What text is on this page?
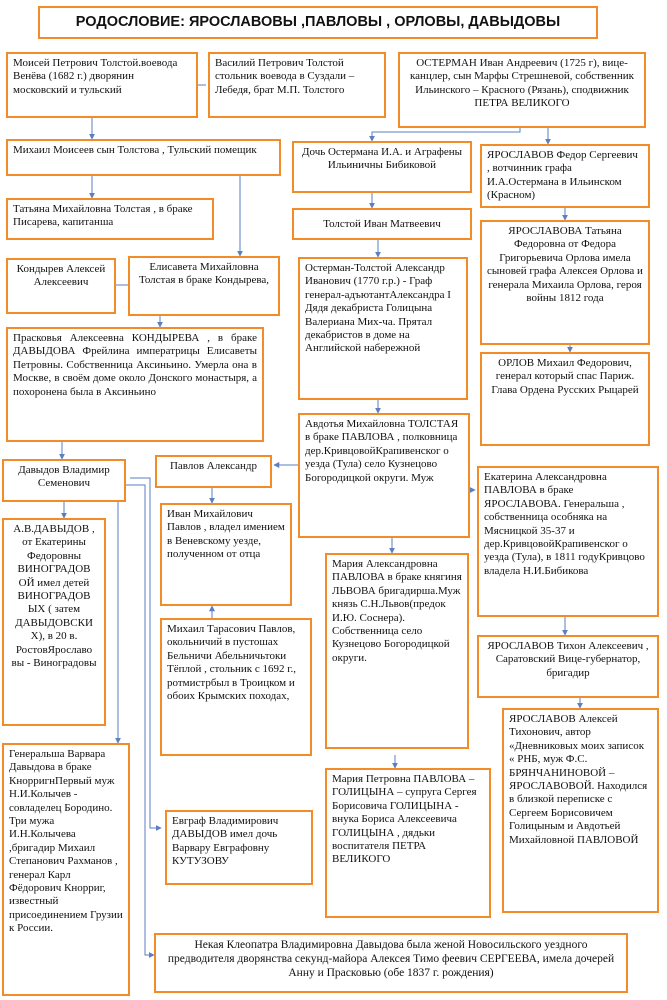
РОДОСЛОВИЕ: ЯРОСЛАВОВЫ ,ПАВЛОВЫ , ОРЛОВЫ, ДАВЫДОВЫ
Моисей Петрович Толстой.воевода Венёва (1682 г.) дворянин московский и тульский
Василий Петрович Толстой стольник воевода в Суздали – Лебедя, брат М.П. Толстого
ОСТЕРМАН Иван Андреевич (1725 г), вице-канцлер, сын Марфы Стрешневой, собственник Ильинского – Красного (Рязань), сподвижник ПЕТРА ВЕЛИКОГО
Михаил Моисеев сын Толстова , Тульский помещик	Дочь Остермана И.А. и Аграфены Ильиничны Бибиковой
ЯРОСЛАВОВ Федор Сергеевич , вотчинник графа И.А.Остермана в Ильинском (Красном)
Татьяна Михайловна Толстая , в браке Писарева, капитанша	Толстой Иван Матвеевич
ЯРОСЛАВОВА Татьяна Федоровна от Федора Григорьевича Орлова имела сыновей графа Алексея Орлова и генерала Михаила Орлова, героя войны 1812 года
Кондырев Алексей Алексеевич
Елисавета Михайловна Толстая в браке Кондырева,
Остерман-Толстой Александр Иванович (1770 г.р.) - Граф генерал-адъютантАлександра I Дядя декабриста Голицына Валериана Мих-ча. Прятал декабристов в доме на Английской набережной
Прасковья Алексеевна КОНДЫРЕВА , в браке ДАВЫДОВА Фрейлина императрицы Елисаветы Петровны. Собственница Аксиньино. Умерла она в Москве, в своём доме около Донского монастыря, а похоронена была в Аксиньино
ОРЛОВ Михаил Федорович, генерал который спас Париж. Глава Ордена Русских Рыцарей
Авдотья Михайловна ТОЛСТАЯ в браке ПАВЛОВА , полковница дер.КривцовойКрапивенског о уезда (Тула) село Кузнецово Богородицкой округи. Муж
Давыдов Владимир Семенович
Павлов Александр
Екатерина Александровна ПАВЛОВА в браке ЯРОСЛАВОВА. Генеральша , собственница особняка на Мясницкой 35-37 и дер.КривцовойКрапивенског о уезда (Тула), в 1811 годуКривцово владела Н.И.Бибикова
А.В.ДАВЫДОВ , от Екатерины Федоровны ВИНОГРАДОВ ОЙ имел детей ВИНОГРАДОВ ЫХ ( затем ДАВЫДОВСКИ Х), в 20 в. РостовЯрославо вы - Виноградовы
Иван Михайлович Павлов , владел имением в Веневскому уезде, полученном от отца
Мария Александровна ПАВЛОВА в браке княгиня ЛЬВОВА бригадирша.Муж князь С.Н.Львов(предок И.Ю. Соснера). Собственница село Кузнецово Богородицкой округи.
ЯРОСЛАВОВ Тихон Алексеевич , Саратовский Вице-губернатор, бригадир
Михаил Тарасович Павлов, окольничий в пустошах Бельничи Абельничьтоки Тёплой , стольник с 1692 г., ротмистрбыл в Троицком и обоих Крымских походах,
ЯРОСЛАВОВ Алексей Тихонович, автор «Дневниковых моих записок « РНБ, муж Ф.С. БРЯНЧАНИНОВОЙ – ЯРОСЛАВОВОЙ. Находился в близкой переписке с Сергеем Борисовичем Голицыным и Авдотьей Михайловной ПАВЛОВОЙ
Генеральша Варвара Давыдова в браке КнорригнПервый муж Н.И.Колычев - совладелец Бородино. Три мужа И.Н.Колычева ,бригадир Михаил Степанович Рахманов , генерал Карл Фёдорович Кнорриг, известный присоединением Грузии к России.
Евграф Владимирович ДАВЫДОВ имел дочь Варвару Евграфовну КУТУЗОВУ
Мария Петровна ПАВЛОВА –ГОЛИЦЫНА – супруга Сергея Борисовича ГОЛИЦЫНА - внука Бориса Алексеевича ГОЛИЦЫНА , дядьки воспитателя ПЕТРА ВЕЛИКОГО
Некая Клеопатра Владимировна Давыдова была женой Новосильского уездного предводителя дворянства секунд-майора Алексея Тимо феевич СЕРГЕЕВА, имела дочерей Анну и Прасковью (обе 1837 г. рождения)
